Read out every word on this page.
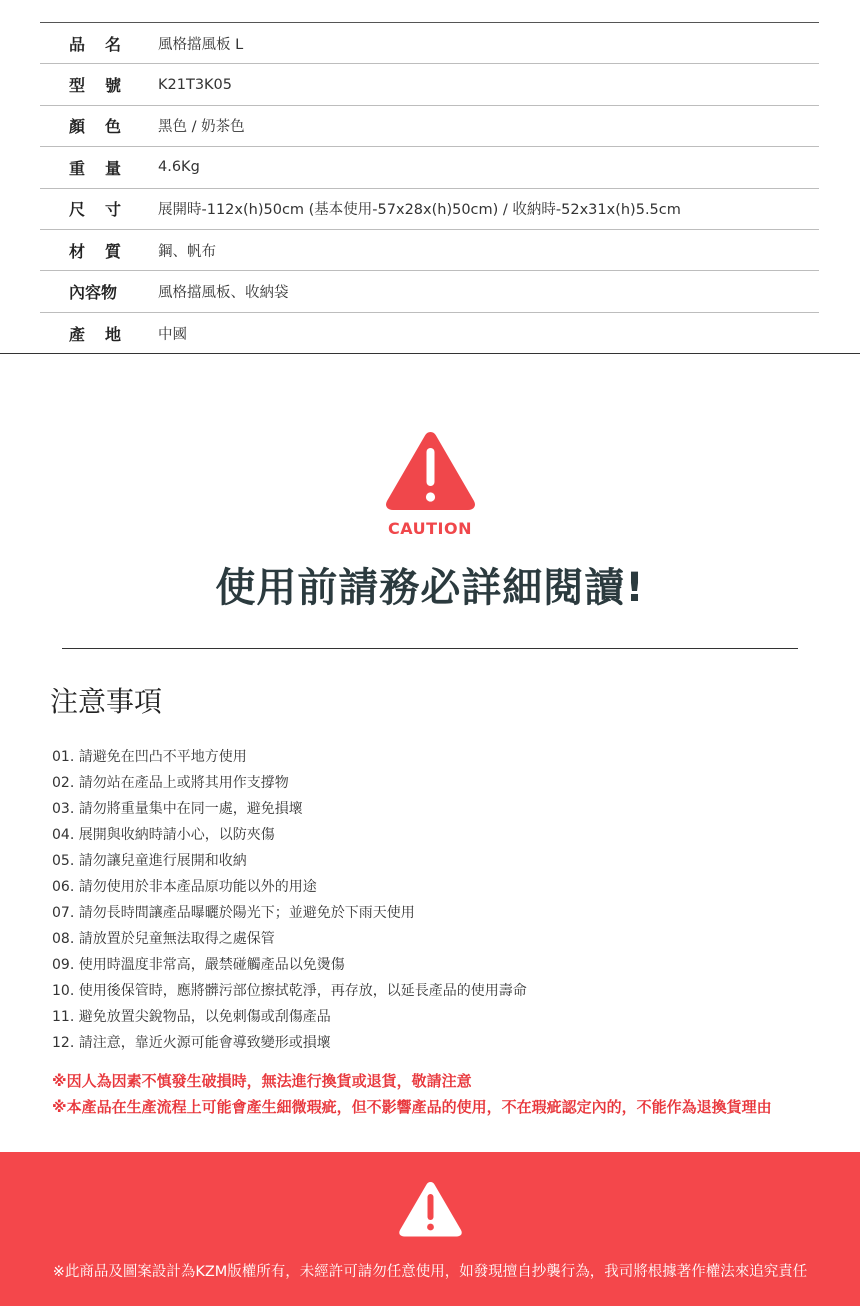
品 名	風格擋風板 L
型 號	K21T3K05
顏 色	黑色 / 奶茶色
重 量	4.6Kg
尺 寸	展開時-112x(h)50cm (基本使用-57x28x(h)50cm) / 收納時-52x31x(h)5.5cm
材 質	鋼、帆布
內容物	風格擋風板、收納袋
產 地	中國
CAUTION
使用前請務必詳細閱讀!
注意事項
01. 請避免在凹凸不平地方使用
02. 請勿站在產品上或將其用作支撐物
03. 請勿將重量集中在同一處，避免損壞
04. 展開與收納時請小心，以防夾傷
05. 請勿讓兒童進行展開和收納
06. 請勿使用於非本產品原功能以外的用途
07. 請勿長時間讓產品曝曬於陽光下；並避免於下雨天使用
08. 請放置於兒童無法取得之處保管
09. 使用時溫度非常高，嚴禁碰觸產品以免燙傷
10. 使用後保管時，應將髒污部位擦拭乾淨，再存放，以延長產品的使用壽命
11. 避免放置尖銳物品，以免刺傷或刮傷產品
12. 請注意，靠近火源可能會導致變形或損壞
※因人為因素不慎發生破損時，無法進行換貨或退貨，敬請注意
※本產品在生產流程上可能會產生細微瑕疵，但不影響產品的使用，不在瑕疵認定內的，不能作為退換貨理由
※此商品及圖案設計為KZM版權所有，未經許可請勿任意使用，如發現擅自抄襲行為，我司將根據著作權法來追究責任
